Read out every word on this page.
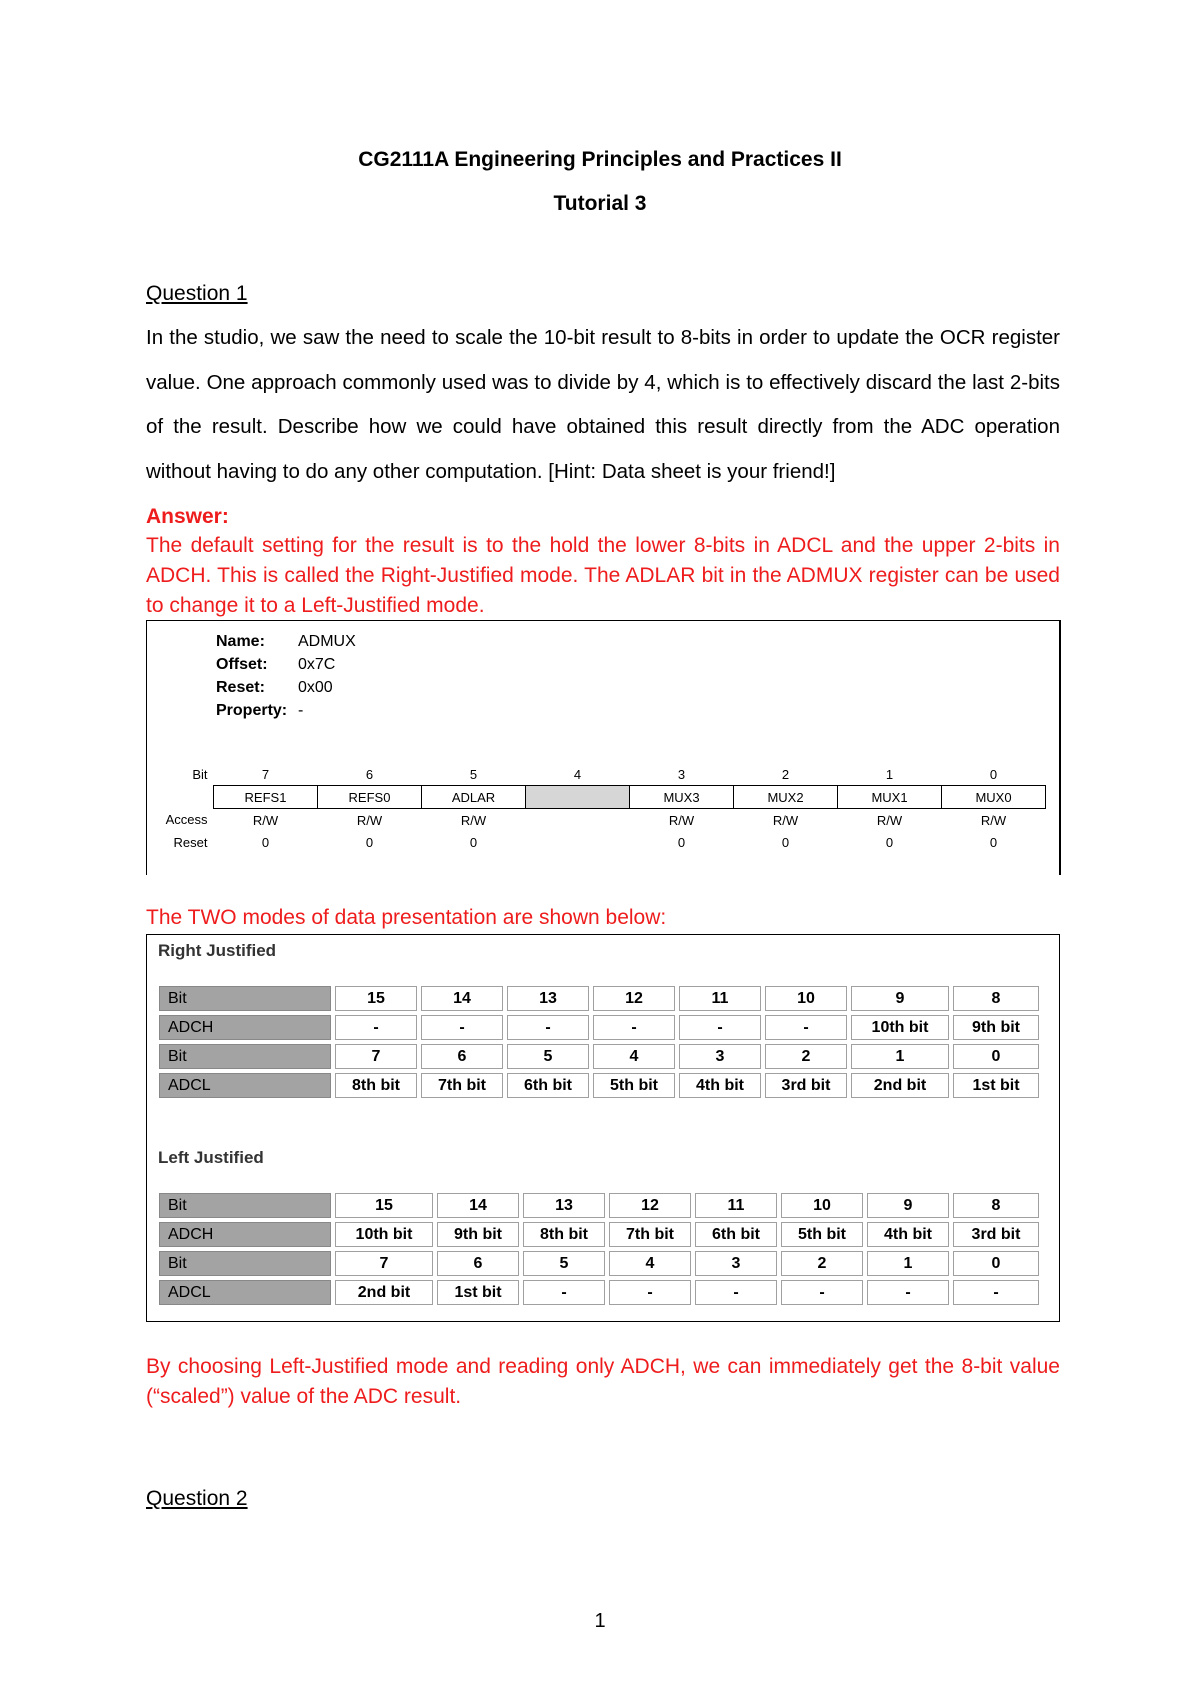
CG2111A Engineering Principles and Practices II
Tutorial 3
Question 1
In the studio, we saw the need to scale the 10-bit result to 8-bits in order to update the OCR register value. One approach commonly used was to divide by 4, which is to effectively discard the last 2-bits of the result. Describe how we could have obtained this result directly from the ADC operation without having to do any other computation. [Hint: Data sheet is your friend!]
Answer:
The default setting for the result is to the hold the lower 8-bits in ADCL and the upper 2-bits in ADCH. This is called the Right-Justified mode. The ADLAR bit in the ADMUX register can be used to change it to a Left-Justified mode.
Name: ADMUX
Offset: 0x7C
Reset: 0x00
Property: -
Bit	7	6	5	4	3	2	1	0
	REFS1	REFS0	ADLAR		MUX3	MUX2	MUX1	MUX0
Access	R/W	R/W	R/W		R/W	R/W	R/W	R/W
Reset	0	0	0		0	0	0	0
The TWO modes of data presentation are shown below:
Right Justified
Bit	15	14	13	12	11	10	9	8
ADCH	-	-	-	-	-	-	10th bit	9th bit
Bit	7	6	5	4	3	2	1	0
ADCL	8th bit	7th bit	6th bit	5th bit	4th bit	3rd bit	2nd bit	1st bit
Left Justified
Bit	15	14	13	12	11	10	9	8
ADCH	10th bit	9th bit	8th bit	7th bit	6th bit	5th bit	4th bit	3rd bit
Bit	7	6	5	4	3	2	1	0
ADCL	2nd bit	1st bit	-	-	-	-	-	-
By choosing Left-Justified mode and reading only ADCH, we can immediately get the 8-bit value (“scaled”) value of the ADC result.
Question 2
1
